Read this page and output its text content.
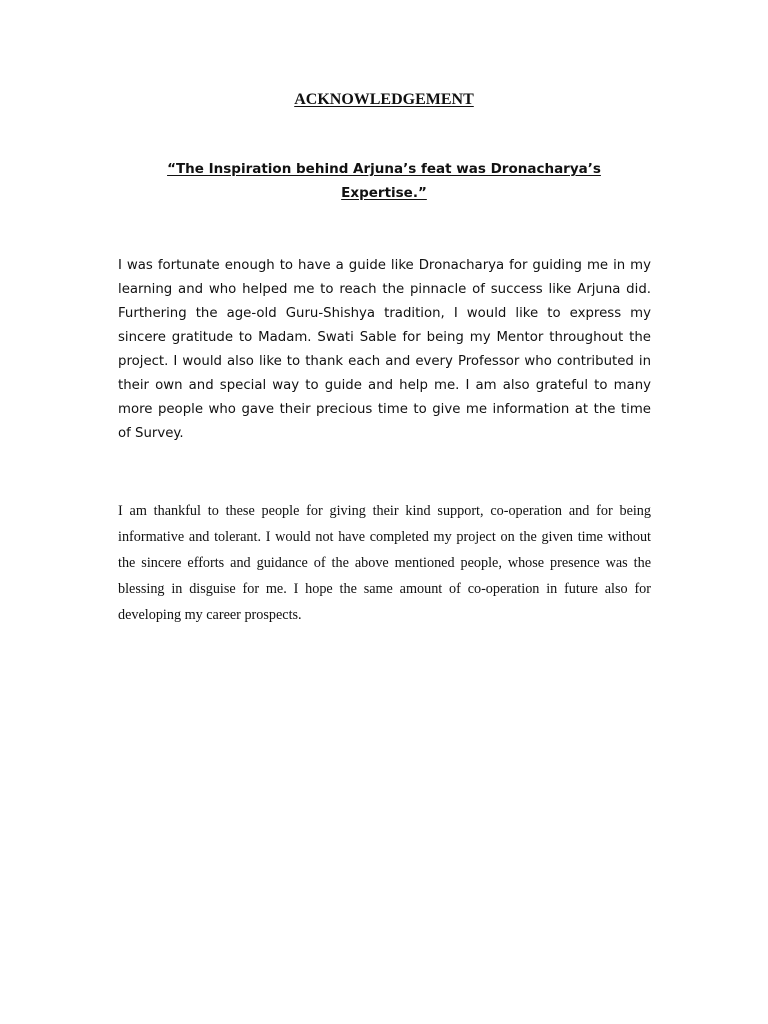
ACKNOWLEDGEMENT
“The Inspiration behind Arjuna’s feat was Dronacharya’s Expertise.”
I was fortunate enough to have a guide like Dronacharya for guiding me in my learning and who helped me to reach the pinnacle of success like Arjuna did. Furthering the age-old Guru-Shishya tradition, I would like to express my sincere gratitude to Madam. Swati Sable for being my Mentor throughout the project. I would also like to thank each and every Professor who contributed in their own and special way to guide and help me. I am also grateful to many more people who gave their precious time to give me information at the time of Survey.
I am thankful to these people for giving their kind support, co-operation and for being informative and tolerant. I would not have completed my project on the given time without the sincere efforts and guidance of the above mentioned people, whose presence was the blessing in disguise for me. I hope the same amount of co-operation in future also for developing my career prospects.
